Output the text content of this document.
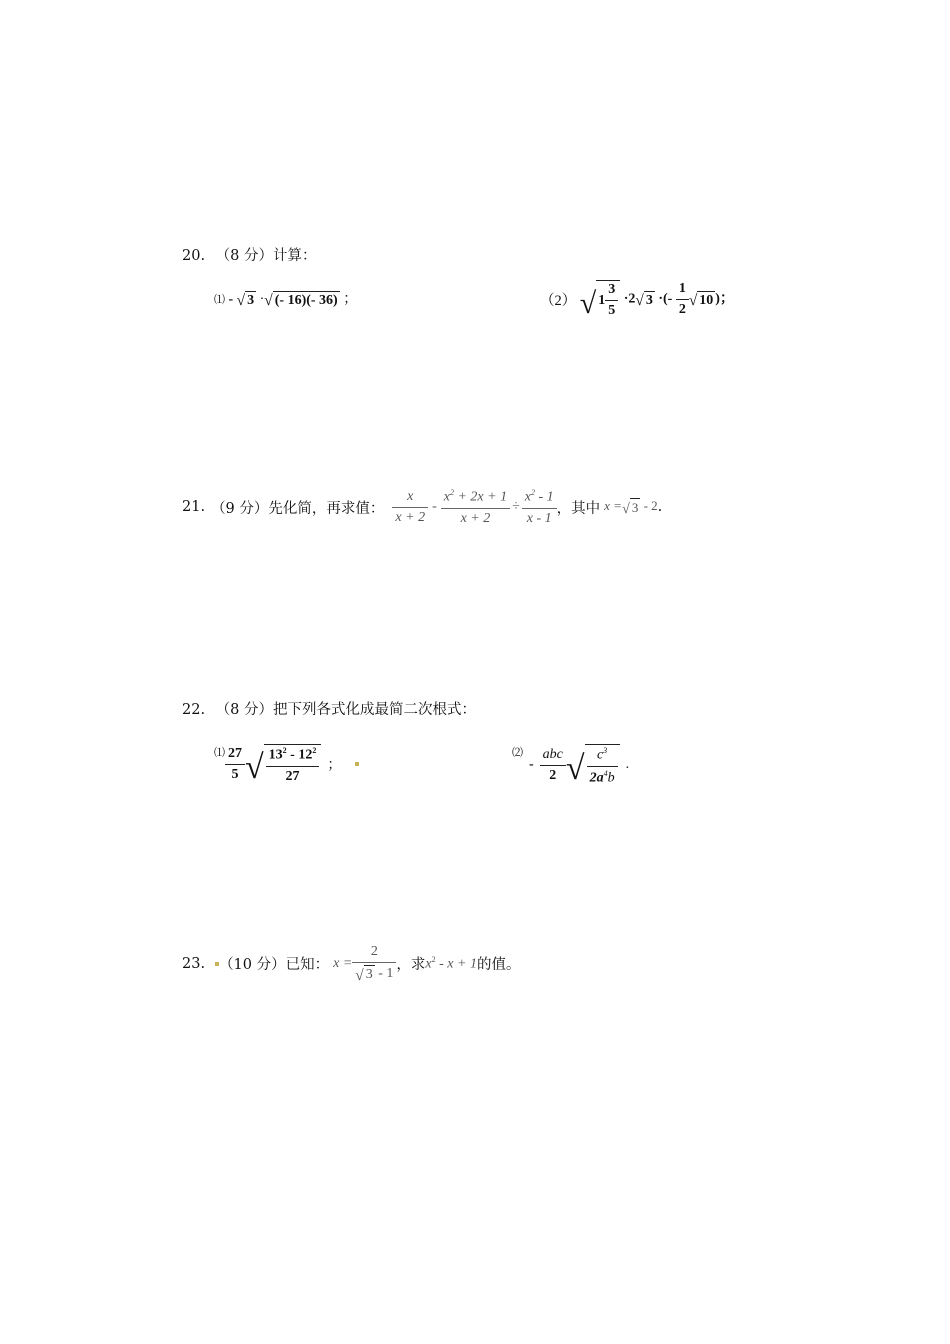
20. （8 分）计算：
⑴ - √ 3 · √ (- 16)(- 36) ；	（2） √ $1 \frac{3}{5} \cdot 2$ √ 3 ·(- $\frac{1}{2}$ √ 10 )；
21. （9 分） 先化简，再求值： $\frac{x}{x + 2} - \frac{x^2 + 2x + 1}{x + 2} \div \frac{x^2 - 1}{x - 1}$ ，其中 x = √ 3 - 2 .
22. （8 分）把下列各式化成最简二次根式：
⑴ $\frac{27}{5}$ √ $\frac{13^2 - 12^2}{27}$ ；
⑵
- $\frac{\text{abc}}{2}$ √ $\frac{c^3}{2a^4b}$ .
23. （10 分） 已知： $x = \frac{2}{√ 3 - 1}$ ，求 $x^2 - x + 1$ 的值。
